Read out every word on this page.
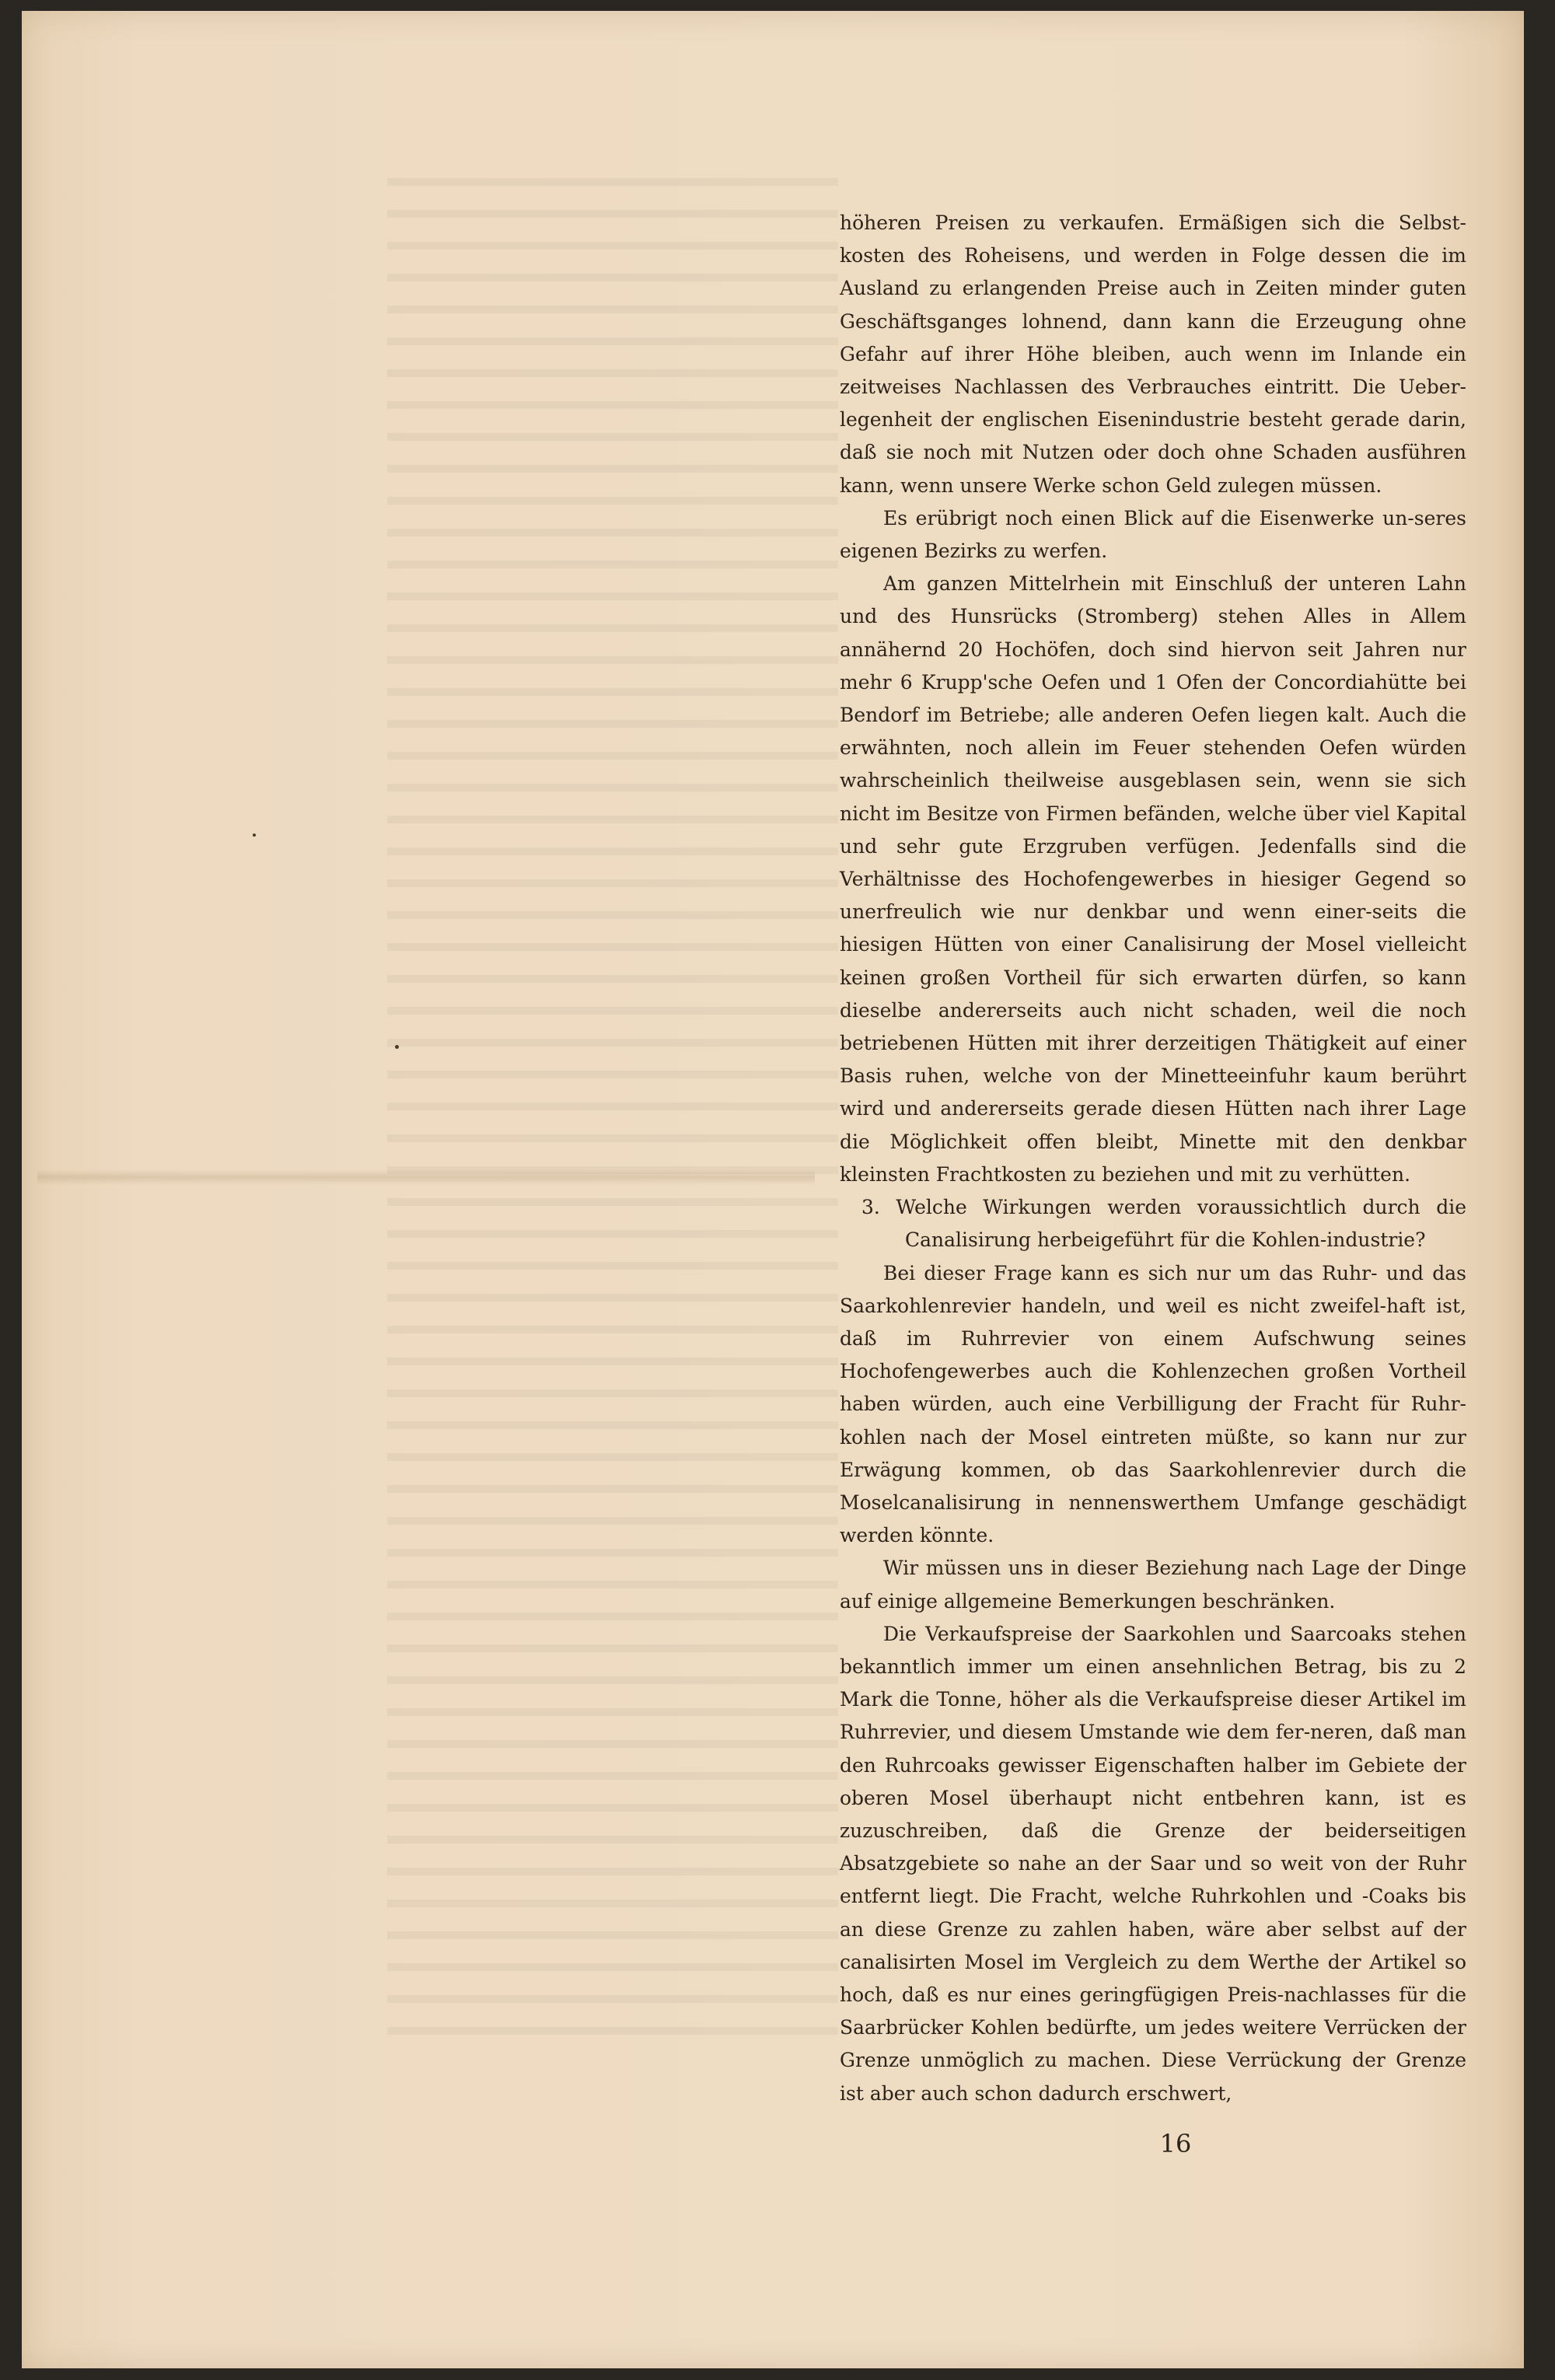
höheren Preisen zu verkaufen. Ermäßigen sich die Selbst-kosten des Roheisens, und werden in Folge dessen die im Ausland zu erlangenden Preise auch in Zeiten minder guten Geschäftsganges lohnend, dann kann die Erzeugung ohne Gefahr auf ihrer Höhe bleiben, auch wenn im Inlande ein zeitweises Nachlassen des Verbrauches eintritt. Die Ueber-legenheit der englischen Eisenindustrie besteht gerade darin, daß sie noch mit Nutzen oder doch ohne Schaden ausführen kann, wenn unsere Werke schon Geld zulegen müssen.

Es erübrigt noch einen Blick auf die Eisenwerke un-seres eigenen Bezirks zu werfen.

Am ganzen Mittelrhein mit Einschluß der unteren Lahn und des Hunsrücks (Stromberg) stehen Alles in Allem annähernd 20 Hochöfen, doch sind hiervon seit Jahren nur mehr 6 Krupp'sche Oefen und 1 Ofen der Concordiahütte bei Bendorf im Betriebe; alle anderen Oefen liegen kalt. Auch die erwähnten, noch allein im Feuer stehenden Oefen würden wahrscheinlich theilweise ausgeblasen sein, wenn sie sich nicht im Besitze von Firmen befänden, welche über viel Kapital und sehr gute Erzgruben verfügen. Jedenfalls sind die Verhältnisse des Hochofengewerbes in hiesiger Gegend so unerfreulich wie nur denkbar und wenn einer-seits die hiesigen Hütten von einer Canalisirung der Mosel vielleicht keinen großen Vortheil für sich erwarten dürfen, so kann dieselbe andererseits auch nicht schaden, weil die noch betriebenen Hütten mit ihrer derzeitigen Thätigkeit auf einer Basis ruhen, welche von der Minetteeinfuhr kaum berührt wird und andererseits gerade diesen Hütten nach ihrer Lage die Möglichkeit offen bleibt, Minette mit den denkbar kleinsten Frachtkosten zu beziehen und mit zu verhütten.

3. Welche Wirkungen werden voraussichtlich durch die Canalisirung herbeigeführt für die Kohlen-industrie?

Bei dieser Frage kann es sich nur um das Ruhr- und das Saarkohlenrevier handeln, und weil es nicht zweifel-haft ist, daß im Ruhrrevier von einem Aufschwung seines Hochofengewerbes auch die Kohlenzechen großen Vortheil haben würden, auch eine Verbilligung der Fracht für Ruhr-kohlen nach der Mosel eintreten müßte, so kann nur zur Erwägung kommen, ob das Saarkohlenrevier durch die Moselcanalisirung in nennenswerthem Umfange geschädigt werden könnte.

Wir müssen uns in dieser Beziehung nach Lage der Dinge auf einige allgemeine Bemerkungen beschränken.

Die Verkaufspreise der Saarkohlen und Saarcoaks stehen bekanntlich immer um einen ansehnlichen Betrag, bis zu 2 Mark die Tonne, höher als die Verkaufspreise dieser Artikel im Ruhrrevier, und diesem Umstande wie dem fer-neren, daß man den Ruhrcoaks gewisser Eigenschaften halber im Gebiete der oberen Mosel überhaupt nicht entbehren kann, ist es zuzuschreiben, daß die Grenze der beiderseitigen Absatzgebiete so nahe an der Saar und so weit von der Ruhr entfernt liegt. Die Fracht, welche Ruhrkohlen und -Coaks bis an diese Grenze zu zahlen haben, wäre aber selbst auf der canalisirten Mosel im Vergleich zu dem Werthe der Artikel so hoch, daß es nur eines geringfügigen Preis-nachlasses für die Saarbrücker Kohlen bedürfte, um jedes weitere Verrücken der Grenze unmöglich zu machen. Diese Verrückung der Grenze ist aber auch schon dadurch erschwert,

16
